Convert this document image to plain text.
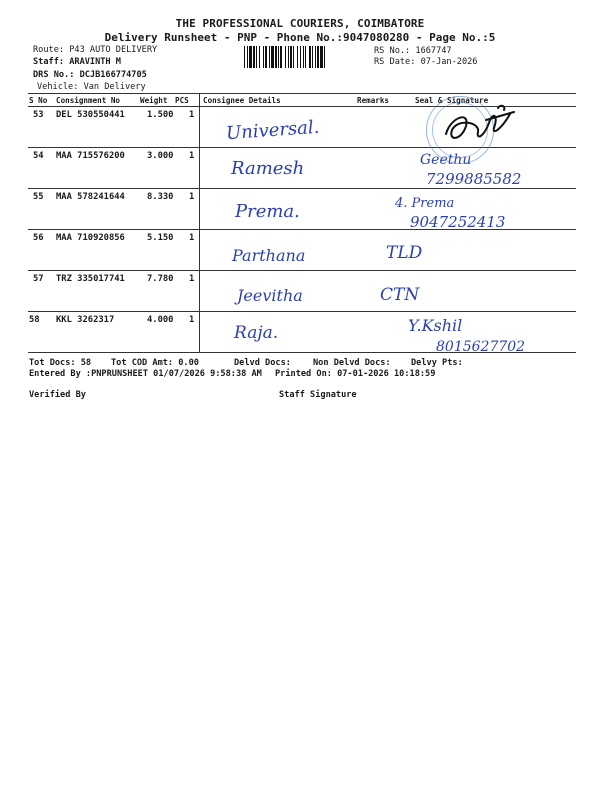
THE PROFESSIONAL COURIERS, COIMBATORE
Delivery Runsheet - PNP - Phone No.:9047080280 - Page No.:5
Route: P43 AUTO DELIVERY
Staff: ARAVINTH M
DRS No.: DCJB166774705
Vehicle: Van Delivery
RS No.: 1667747
RS Date: 07-Jan-2026
S No Consignment No	Weight PCS Consignee Details	Remarks	Seal & Signature
53 DEL 530550441	1.500 1
Universal.
54 MAA 715576200	3.000 1
Ramesh	Geethu
7299885582
55 MAA 578241644	8.330 1
Prema.	4. Prema
9047252413
56 MAA 710920856	5.150 1
Parthana	TLD
57 TRZ 335017741	7.780 1
Jeevitha	CTN
58 KKL 3262317	4.000 1
Raja.	Y.Kshil
8015627702
Tot Docs: 58 Tot COD Amt: 0.00	Delvd Docs:	Non Delvd Docs: Delvy Pts:
Entered By :PNPRUNSHEET 01/07/2026 9:58:38 AM Printed On: 07-01-2026 10:18:59
Verified By	Staff Signature
